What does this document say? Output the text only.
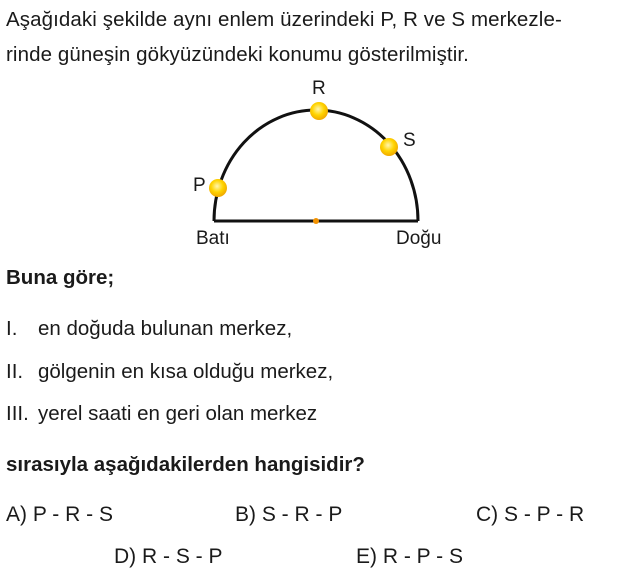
Aşağıdaki şekilde aynı enlem üzerindeki P, R ve S merkezle-
rinde güneşin gökyüzündeki konumu gösterilmiştir.
R
S
P
Batı	Doğu
Buna göre;
I. en doğuda bulunan merkez,
II. gölgenin en kısa olduğu merkez,
III. yerel saati en geri olan merkez
sırasıyla aşağıdakilerden hangisidir?
A) P - R - S	B) S - R - P	C) S - P - R
D) R - S - P	E) R - P - S
